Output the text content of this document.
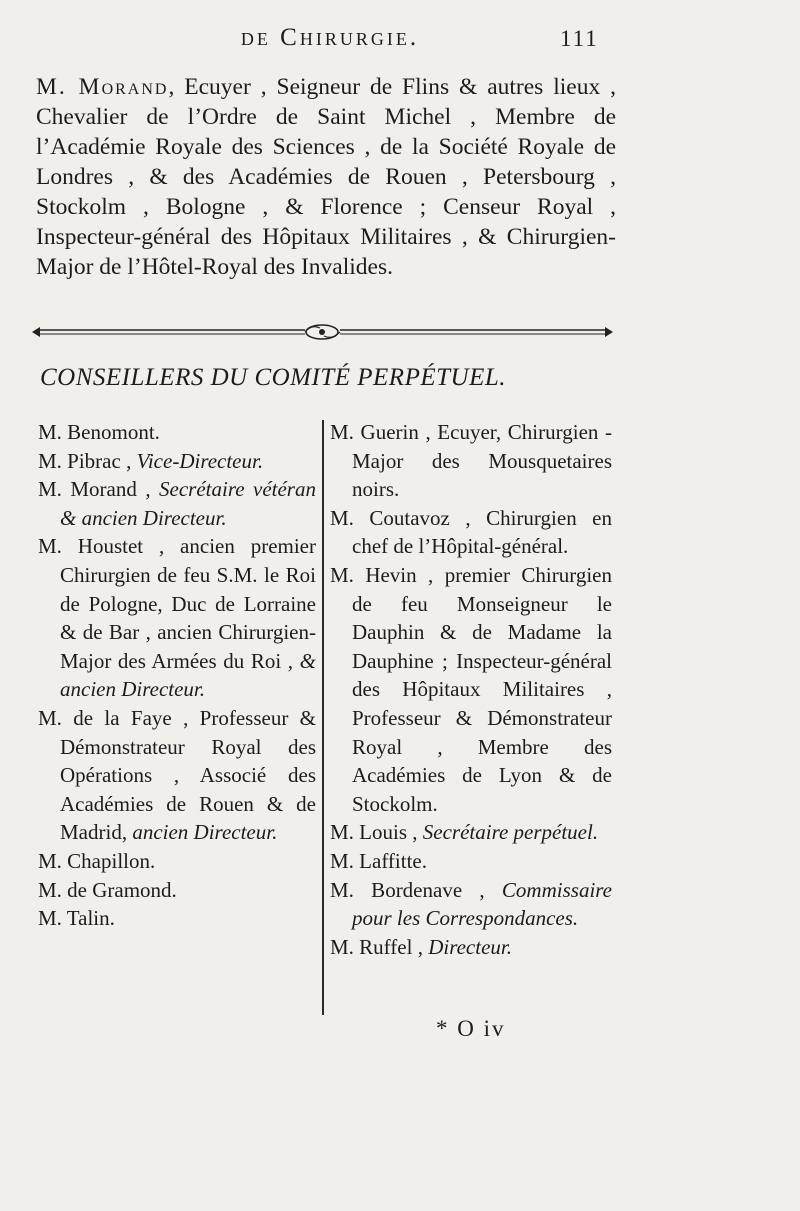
de Chirurgie.	111
M. Morand, Ecuyer , Seigneur de Flins & autres lieux , Chevalier de l’Ordre de Saint Michel , Membre de l’Académie Royale des Sciences , de la Société Royale de Londres , & des Académies de Rouen , Petersbourg , Stockolm , Bologne , & Florence ; Censeur Royal , Inspecteur-général des Hôpitaux Militaires , & Chirurgien-Major de l’Hôtel-Royal des Invalides.
CONSEILLERS DU COMITÉ PERPÉTUEL.
M. Benomont.
M. Pibrac , Vice-Directeur.
M. Morand , Secrétaire vétéran & ancien Directeur.
M. Houstet , ancien premier Chirurgien de feu S.M. le Roi de Pologne, Duc de Lorraine & de Bar , ancien Chirurgien-Major des Armées du Roi , & ancien Directeur.
M. de la Faye , Professeur & Démonstrateur Royal des Opérations , Associé des Académies de Rouen & de Madrid, ancien Directeur.
M. Chapillon.
M. de Gramond.
M. Talin.
M. Guerin , Ecuyer, Chirurgien - Major des Mousquetaires noirs.
M. Coutavoz , Chirurgien en chef de l’Hôpital-général.
M. Hevin , premier Chirurgien de feu Monseigneur le Dauphin & de Madame la Dauphine ; Inspecteur-général des Hôpitaux Militaires , Professeur & Démonstrateur Royal , Membre des Académies de Lyon & de Stockolm.
M. Louis , Secrétaire perpétuel.
M. Laffitte.
M. Bordenave , Commissaire pour les Correspondances.
M. Ruffel , Directeur.
* O iv
